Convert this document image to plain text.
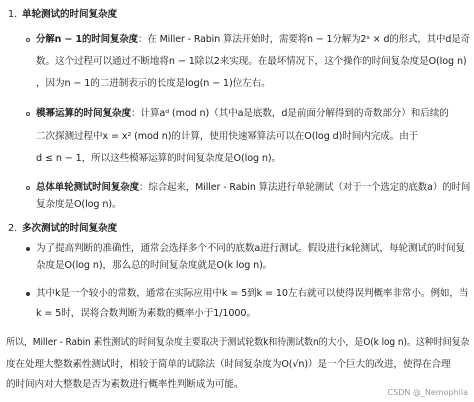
1. 单轮测试的时间复杂度
分解n − 1的时间复杂度：在 Miller - Rabin 算法开始时，需要将n − 1分解为2ˢ × d的形式，其中d是奇
数。这个过程可以通过不断地将n − 1除以2来实现。在最坏情况下，这个操作的时间复杂度是O(log n)
，因为n − 1的二进制表示的长度是log(n − 1)位左右。
模幂运算的时间复杂度：计算aᵈ (mod n)（其中a是底数，d是前面分解得到的奇数部分）和后续的
二次探测过程中x = x² (mod n)的计算，使用快速幂算法可以在O(log d)时间内完成。由于
d ≤ n − 1，所以这些模幂运算的时间复杂度是O(log n)。
总体单轮测试时间复杂度：综合起来，Miller - Rabin 算法进行单轮测试（对于一个选定的底数a）的时间
复杂度是O(log n)。
2. 多次测试的时间复杂度
为了提高判断的准确性，通常会选择多个不同的底数a进行测试。假设进行k轮测试，每轮测试的时间复
杂度是O(log n)，那么总的时间复杂度就是O(k log n)。
其中k是一个较小的常数，通常在实际应用中k = 5到k = 10左右就可以使得误判概率非常小。例如，当
k = 5时，误将合数判断为素数的概率小于1/1000。
所以，Miller - Rabin 素性测试的时间复杂度主要取决于测试轮数k和待测试数n的大小，是O(k log n)。这种时间复杂
度在处理大整数素性测试时，相较于简单的试除法（时间复杂度为O(√n)）是一个巨大的改进，使得在合理
的时间内对大整数是否为素数进行概率性判断成为可能。
CSDN @_Nemophila
